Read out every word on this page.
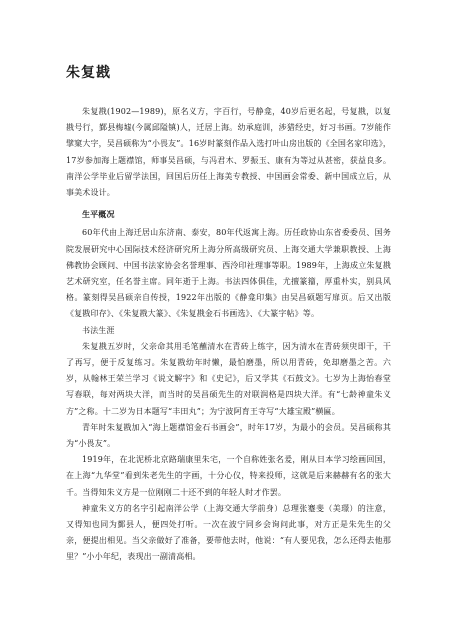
朱复戡

朱复戡(1902—1989)，原名义方，字百行，号静龛，40岁后更名起，号复戡，以复戡号行，鄞县梅墟(今属邱隘镇)人，迁居上海。幼承庭训，涉猎经史，好习书画。7岁能作擘窠大字，吴昌硕称为“小畏友”。16岁时篆刻作品入选打叶山房出版的《全国名家印选》，17岁参加海上题襟馆，师事吴昌硕，与冯君木、罗振玉、康有为等过从甚密，获益良多。南洋公学毕业后留学法国，回国后历任上海美专教授、中国画会常委、新中国成立后，从事美术设计。

生平概况

60年代由上海迁居山东济南、泰安，80年代返寓上海。历任政协山东省委委员、国务院发展研究中心国际技术经济研究所上海分所高级研究员、上海交通大学兼职教授、上海佛教协会顾问、中国书法家协会名誉理事、西泠印社理事等职。1989年，上海成立朱复戡艺术研究室，任名誉主席。同年逝于上海。书法四体俱佳，尤擅篆籀，厚重朴实，别具风格。篆刻得吴昌硕亲自传授，1922年出版的《静龛印集》由吴昌硕题写扉页。后又出版《复戡印存》、《朱复戡大篆》、《朱复戡金石书画选》、《大篆字帖》等。

书法生涯

朱复戡五岁时，父亲命其用毛笔蘸清水在青砖上练字，因为清水在青砖须臾即干，干了再写，便于反复练习。朱复戡幼年时懒，最怕磨墨，所以用青砖，免却磨墨之苦。六岁，从翰林王荣兰学习《说文解字》和《史记》，后又学其《石鼓文》。七岁为上海怡春堂写春联，每对两块大洋，而当时的吴昌硕先生的对联润格是四块大洋。有“七龄神童朱义方”之称。十二岁为日本题写“丰田丸”；为宁波阿育王寺写“大雄宝殿”横匾。

青年时朱复戡加入“海上题襟馆金石书画会”，时年17岁，为最小的会员。吴昌硕称其为“小畏友”。

1919年，在北泥桥北京路瑞康里朱宅，一个自称姓张名爰，刚从日本学习绘画回国，在上海“九华堂”看到朱老先生的字画，十分心仪，特来投师，这就是后来赫赫有名的张大千。当得知朱义方是一位刚刚二十还不到的年轻人时才作罢。

神童朱义方的名字引起南洋公学（上海交通大学前身）总理张蹇斐（美璟）的注意，又得知也同为鄞县人，便四处打听。一次在波宁同乡会询问此事，对方正是朱先生的父亲，便提出相见。当父亲做好了准备，要带他去时，他说：“有人要见我，怎么还得去他那里？”小小年纪，表现出一副清高相。
